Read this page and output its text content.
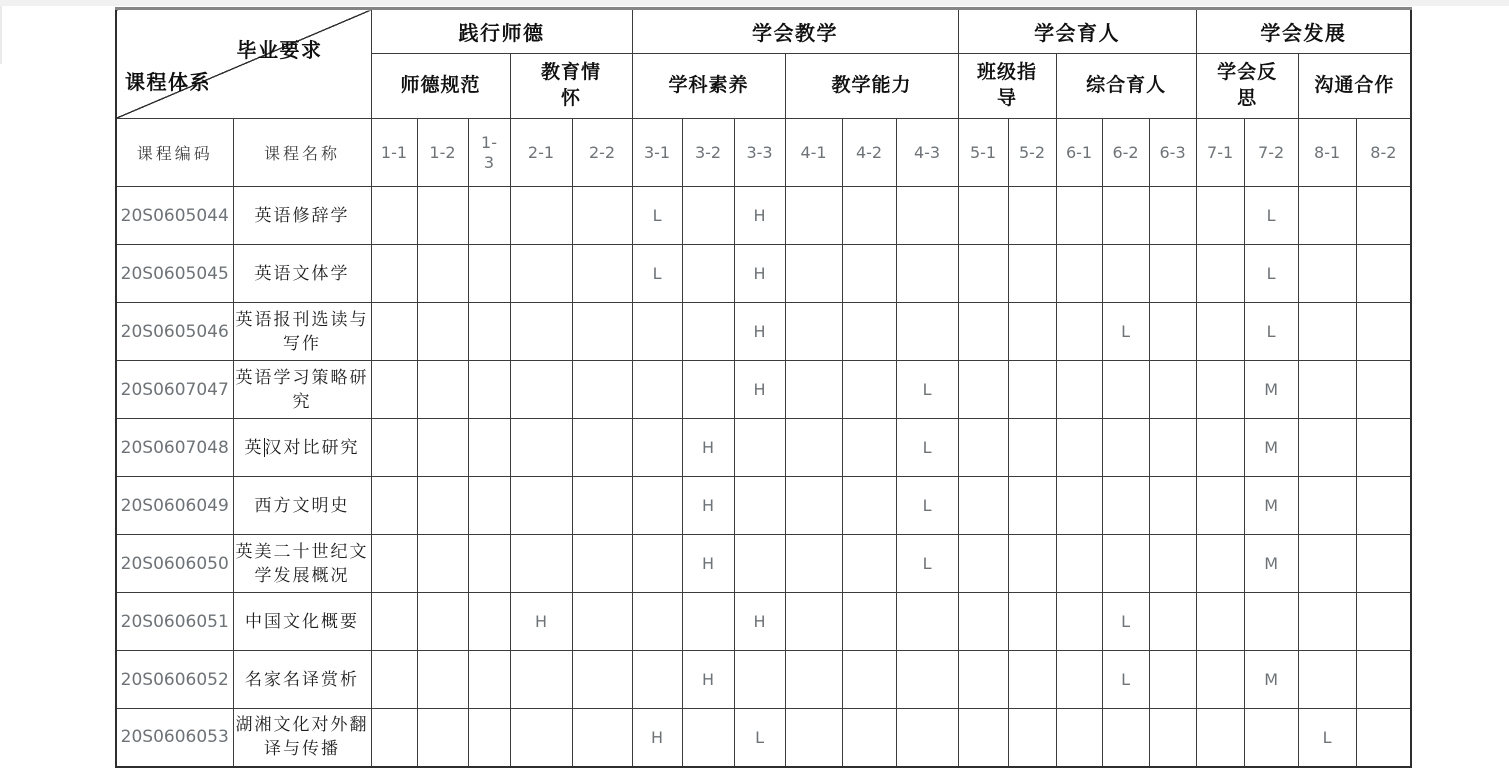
毕业要求
课程体系		践行师德					学会教学						学会育人					学会发展			
		师德规范			教育情怀		学科素养			教学能力			班级指导		综合育人			学会反思		沟通合作	
课程编码	课程名称	1-1	1-2	1-3	2-1	2-2	3-1	3-2	3-3	4-1	4-2	4-3	5-1	5-2	6-1	6-2	6-3	7-1	7-2	8-1	8-2
20S0605044	英语修辞学						L		H										L		
20S0605045	英语文体学						L		H										L		
20S0605046	英语报刊选读与写作								H							L			L		
20S0607047	英语学习策略研究								H			L							M		
20S0607048	英汉对比研究							H				L							M		
20S0606049	西方文明史							H				L							M		
20S0606050	英美二十世纪文学发展概况							H				L							M		
20S0606051	中国文化概要				H				H							L					
20S0606052	名家名译赏析							H								L			M		
20S0606053	湖湘文化对外翻译与传播						H		L											L	
